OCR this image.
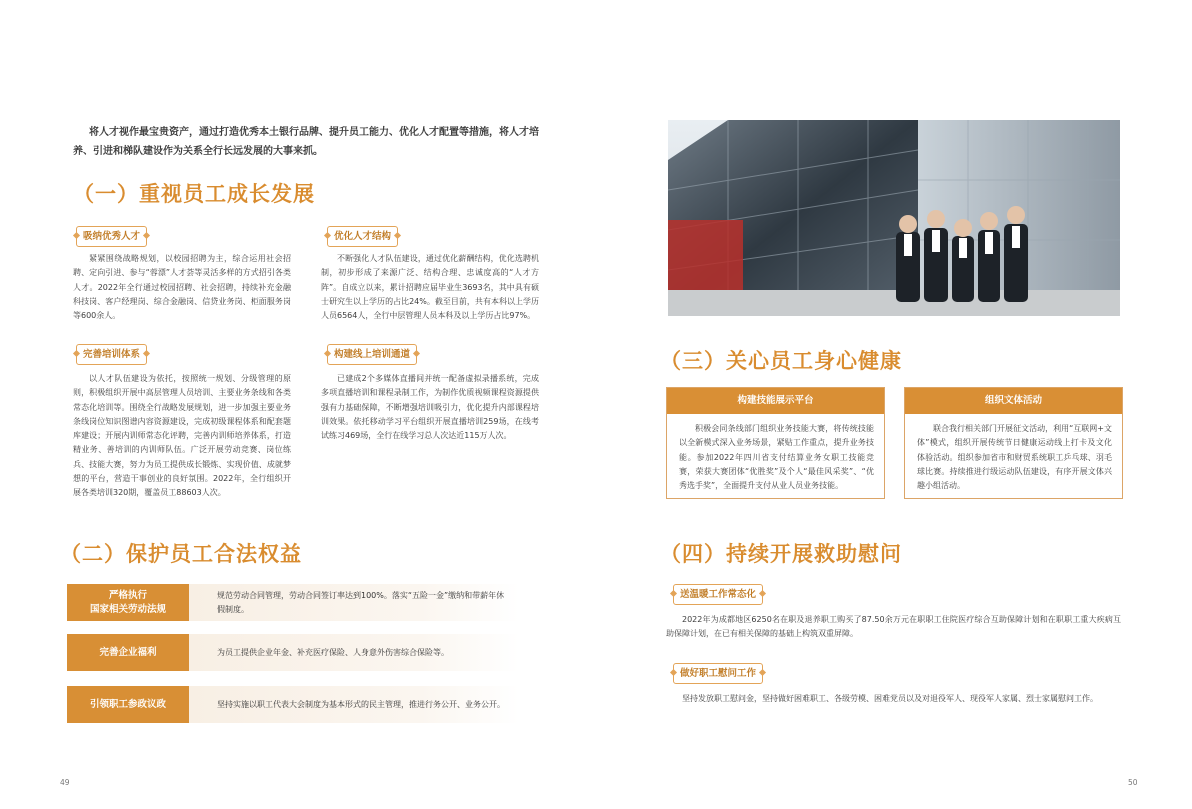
将人才视作最宝贵资产，通过打造优秀本土银行品牌、提升员工能力、优化人才配置等措施，将人才培养、引进和梯队建设作为关系全行长远发展的大事来抓。
（一）重视员工成长发展
吸纳优秀人才
紧紧围绕战略规划，以校园招聘为主，综合运用社会招聘、定向引进、参与“蓉漂”人才荟等灵活多样的方式招引各类人才。2022年全行通过校园招聘、社会招聘，持续补充金融科技岗、客户经理岗、综合金融岗、信贷业务岗、柜面服务岗等600余人。
优化人才结构
不断强化人才队伍建设，通过优化薪酬结构，优化选聘机制，初步形成了来源广泛、结构合理、忠诚度高的“人才方阵”。自成立以来，累计招聘应届毕业生3693名，其中具有硕士研究生以上学历的占比24%。截至目前，共有本科以上学历人员6564人，全行中层管理人员本科及以上学历占比97%。
完善培训体系
以人才队伍建设为依托，按照统一规划、分级管理的原则，积极组织开展中高层管理人员培训、主要业务条线和各类常态化培训等。围绕全行战略发展规划，进一步加强主要业务条线岗位知识图谱内容资源建设，完成初级课程体系和配套题库建设；开展内训师常态化评聘，完善内训师培养体系，打造精业务、善培训的内训师队伍。广泛开展劳动竞赛、岗位练兵、技能大赛，努力为员工提供成长锻炼、实现价值、成就梦想的平台，营造干事创业的良好氛围。2022年，全行组织开展各类培训320期，覆盖员工88603人次。
构建线上培训通道
已建成2个多媒体直播间并统一配备虚拟录播系统，完成多项直播培训和课程录制工作，为制作优质视频课程资源提供强有力基础保障，不断增强培训吸引力，优化提升内部课程培训效果。依托移动学习平台组织开展直播培训259场，在线考试练习469场，全行在线学习总人次达近115万人次。
（二）保护员工合法权益
严格执行
国家相关劳动法规
规范劳动合同管理，劳动合同签订率达到100%。落实“五险一金”缴纳和带薪年休假制度。
完善企业福利	为员工提供企业年金、补充医疗保险、人身意外伤害综合保险等。
引领职工参政议政	坚持实施以职工代表大会制度为基本形式的民主管理，推进行务公开、业务公开。
49
（三）关心员工身心健康
构建技能展示平台
积极会同条线部门组织业务技能大赛，将传统技能以全新模式深入业务场景，紧贴工作重点，提升业务技能。参加2022年四川省支付结算业务女职工技能竞赛，荣获大赛团体“优胜奖”及个人“最佳风采奖”、“优秀选手奖”，全面提升支付从业人员业务技能。
组织文体活动
联合我行相关部门开展征文活动，利用“互联网+文体”模式，组织开展传统节日健康运动线上打卡及文化体验活动。组织参加省市和财贸系统职工乒乓球、羽毛球比赛。持续推进行级运动队伍建设，有序开展文体兴趣小组活动。
（四）持续开展救助慰问
送温暖工作常态化
2022年为成都地区6250名在职及退养职工购买了87.50余万元在职职工住院医疗综合互助保障计划和在职职工重大疾病互助保障计划，在已有相关保障的基础上构筑双重屏障。
做好职工慰问工作
坚持发放职工慰问金，坚持做好困难职工、各级劳模、困难党员以及对退役军人、现役军人家属、烈士家属慰问工作。
50
